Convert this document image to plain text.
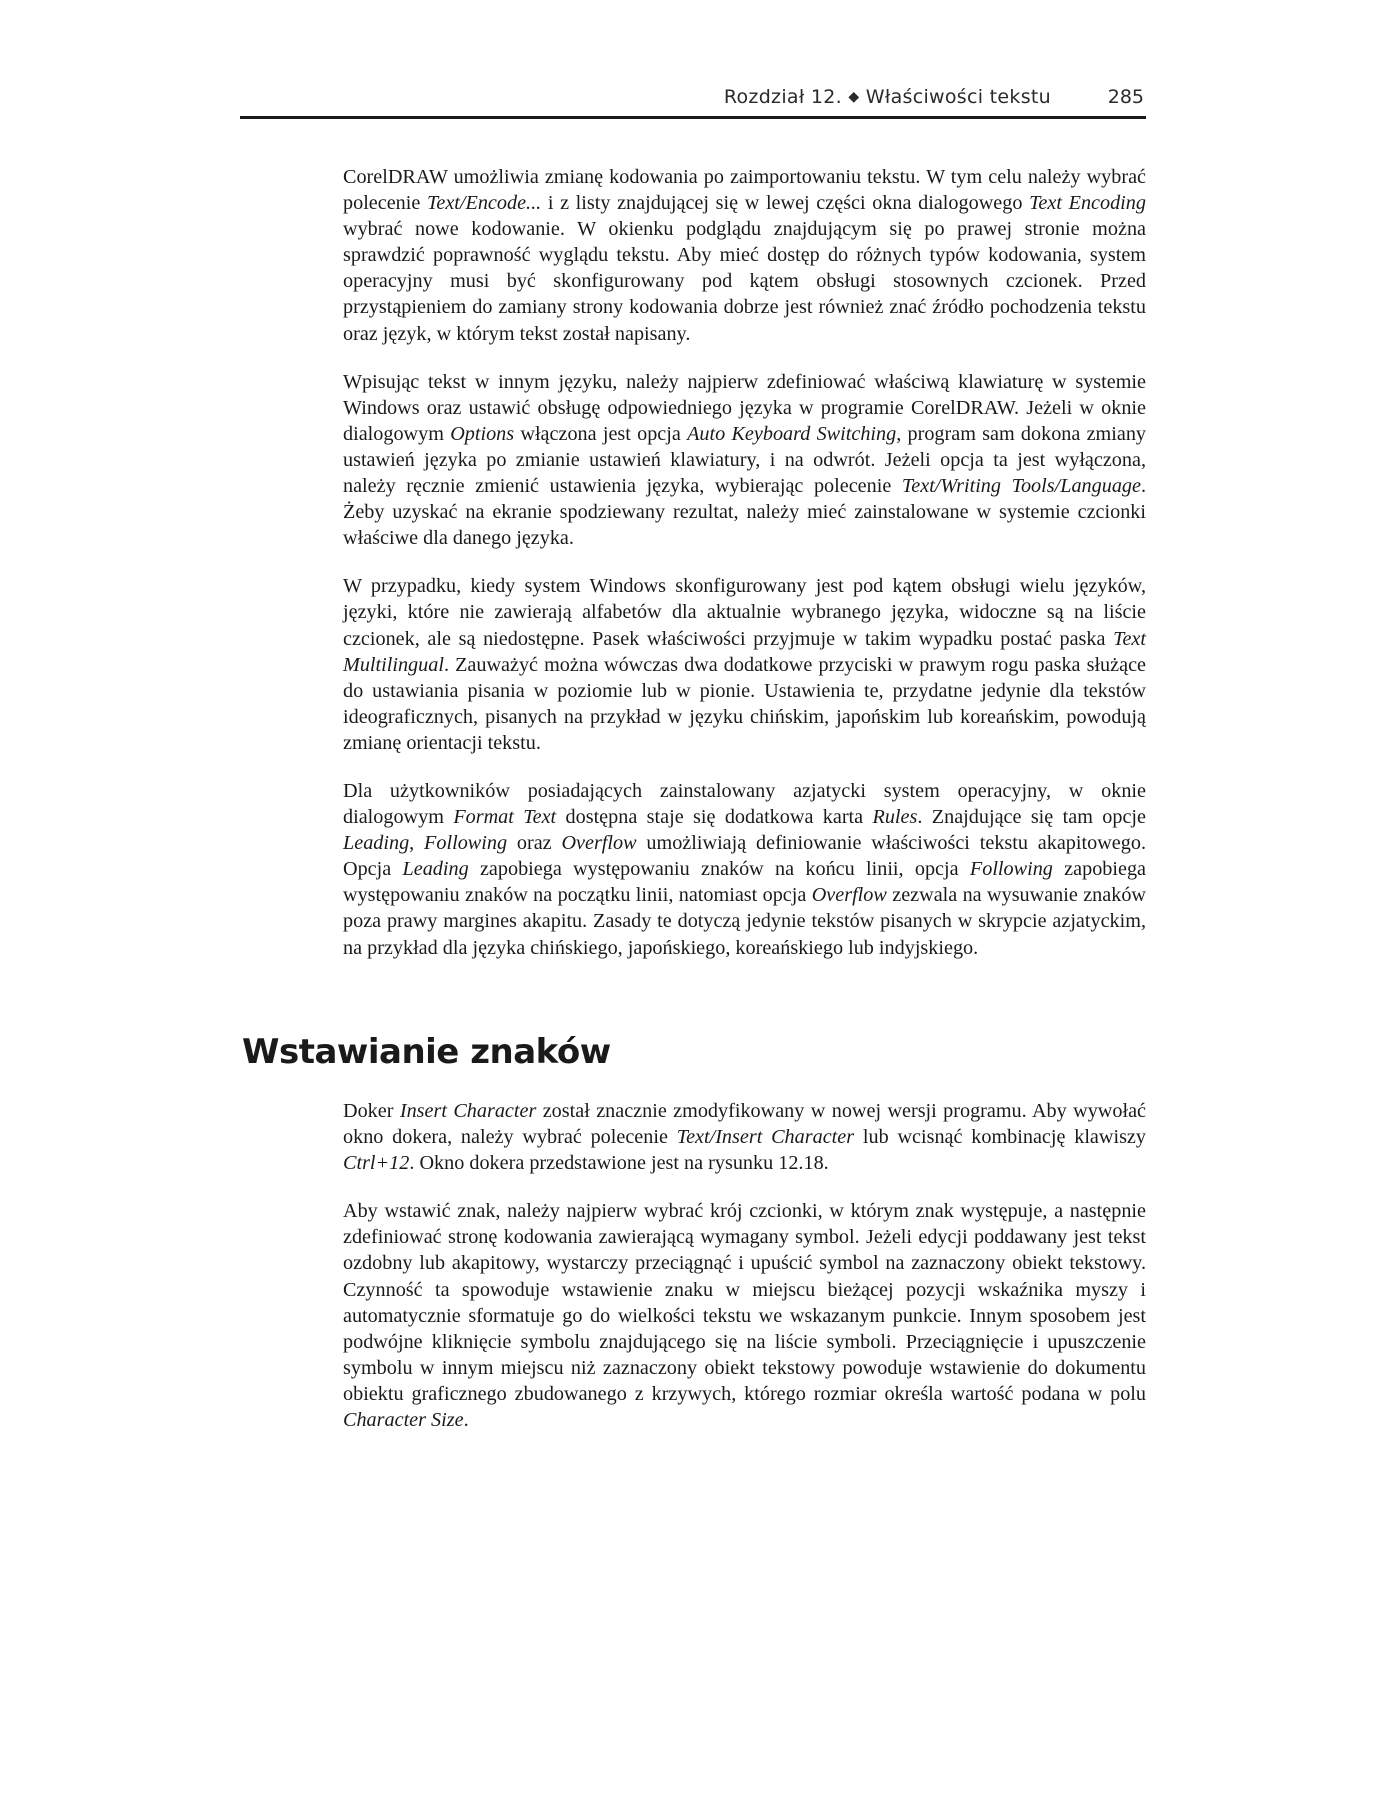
Rozdział 12. ◆ Właściwości tekstu	285

CorelDRAW umożliwia zmianę kodowania po zaimportowaniu tekstu. W tym celu należy wybrać polecenie Text/Encode... i z listy znajdującej się w lewej części okna dialogowego Text Encoding wybrać nowe kodowanie. W okienku podglądu znajdującym się po prawej stronie można sprawdzić poprawność wyglądu tekstu. Aby mieć dostęp do różnych typów kodowania, system operacyjny musi być skonfigurowany pod kątem obsługi stosownych czcionek. Przed przystąpieniem do zamiany strony kodowania dobrze jest również znać źródło pochodzenia tekstu oraz język, w którym tekst został napisany.

Wpisując tekst w innym języku, należy najpierw zdefiniować właściwą klawiaturę w systemie Windows oraz ustawić obsługę odpowiedniego języka w programie CorelDRAW. Jeżeli w oknie dialogowym Options włączona jest opcja Auto Keyboard Switching, program sam dokona zmiany ustawień języka po zmianie ustawień klawiatury, i na odwrót. Jeżeli opcja ta jest wyłączona, należy ręcznie zmienić ustawienia języka, wybierając polecenie Text/Writing Tools/Language. Żeby uzyskać na ekranie spodziewany rezultat, należy mieć zainstalowane w systemie czcionki właściwe dla danego języka.

W przypadku, kiedy system Windows skonfigurowany jest pod kątem obsługi wielu języków, języki, które nie zawierają alfabetów dla aktualnie wybranego języka, widoczne są na liście czcionek, ale są niedostępne. Pasek właściwości przyjmuje w takim wypadku postać paska Text Multilingual. Zauważyć można wówczas dwa dodatkowe przyciski w prawym rogu paska służące do ustawiania pisania w poziomie lub w pionie. Ustawienia te, przydatne jedynie dla tekstów ideograficznych, pisanych na przykład w języku chińskim, japońskim lub koreańskim, powodują zmianę orientacji tekstu.

Dla użytkowników posiadających zainstalowany azjatycki system operacyjny, w oknie dialogowym Format Text dostępna staje się dodatkowa karta Rules. Znajdujące się tam opcje Leading, Following oraz Overflow umożliwiają definiowanie właściwości tekstu akapitowego. Opcja Leading zapobiega występowaniu znaków na końcu linii, opcja Following zapobiega występowaniu znaków na początku linii, natomiast opcja Overflow zezwala na wysuwanie znaków poza prawy margines akapitu. Zasady te dotyczą jedynie tekstów pisanych w skrypcie azjatyckim, na przykład dla języka chińskiego, japońskiego, koreańskiego lub indyjskiego.

Wstawianie znaków

Doker Insert Character został znacznie zmodyfikowany w nowej wersji programu. Aby wywołać okno dokera, należy wybrać polecenie Text/Insert Character lub wcisnąć kombinację klawiszy Ctrl+12. Okno dokera przedstawione jest na rysunku 12.18.

Aby wstawić znak, należy najpierw wybrać krój czcionki, w którym znak występuje, a następnie zdefiniować stronę kodowania zawierającą wymagany symbol. Jeżeli edycji poddawany jest tekst ozdobny lub akapitowy, wystarczy przeciągnąć i upuścić symbol na zaznaczony obiekt tekstowy. Czynność ta spowoduje wstawienie znaku w miejscu bieżącej pozycji wskaźnika myszy i automatycznie sformatuje go do wielkości tekstu we wskazanym punkcie. Innym sposobem jest podwójne kliknięcie symbolu znajdującego się na liście symboli. Przeciągnięcie i upuszczenie symbolu w innym miejscu niż zaznaczony obiekt tekstowy powoduje wstawienie do dokumentu obiektu graficznego zbudowanego z krzywych, którego rozmiar określa wartość podana w polu Character Size.
